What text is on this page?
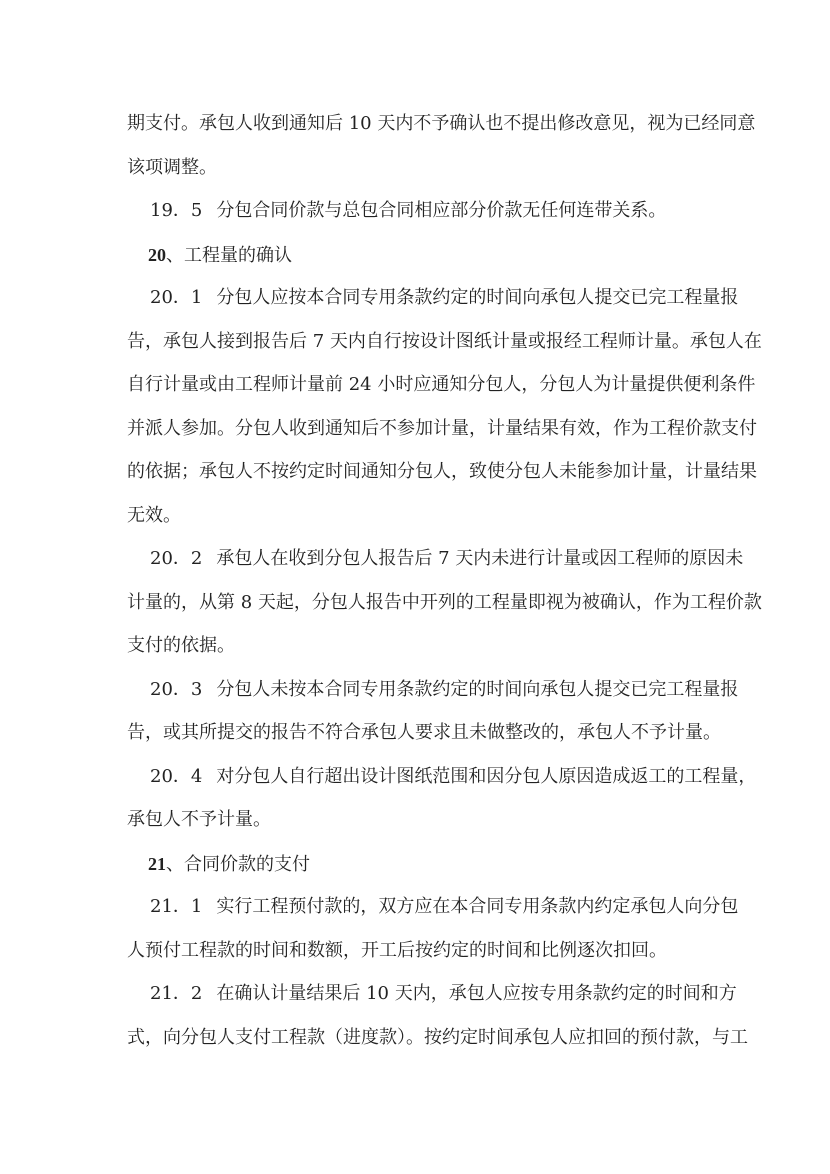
期支付。承包人收到通知后 10 天内不予确认也不提出修改意见，视为已经同意
该项调整。
19．5 分包合同价款与总包合同相应部分价款无任何连带关系。
20、工程量的确认
20．1 分包人应按本合同专用条款约定的时间向承包人提交已完工程量报
告，承包人接到报告后 7 天内自行按设计图纸计量或报经工程师计量。承包人在
自行计量或由工程师计量前 24 小时应通知分包人，分包人为计量提供便利条件
并派人参加。分包人收到通知后不参加计量，计量结果有效，作为工程价款支付
的依据；承包人不按约定时间通知分包人，致使分包人未能参加计量，计量结果
无效。
20．2 承包人在收到分包人报告后 7 天内未进行计量或因工程师的原因未
计量的，从第 8 天起，分包人报告中开列的工程量即视为被确认，作为工程价款
支付的依据。
20．3 分包人未按本合同专用条款约定的时间向承包人提交已完工程量报
告，或其所提交的报告不符合承包人要求且未做整改的，承包人不予计量。
20．4 对分包人自行超出设计图纸范围和因分包人原因造成返工的工程量，
承包人不予计量。
21、合同价款的支付
21．1 实行工程预付款的，双方应在本合同专用条款内约定承包人向分包
人预付工程款的时间和数额，开工后按约定的时间和比例逐次扣回。
21．2 在确认计量结果后 10 天内，承包人应按专用条款约定的时间和方
式，向分包人支付工程款（进度款）。按约定时间承包人应扣回的预付款，与工
